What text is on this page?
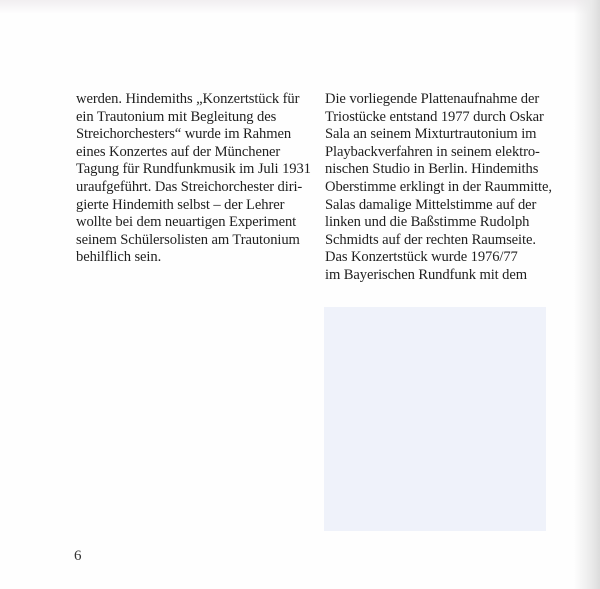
werden. Hindemiths „Konzertstück für
ein Trautonium mit Begleitung des
Streichorchesters“ wurde im Rahmen
eines Konzertes auf der Münchener
Tagung für Rundfunkmusik im Juli 1931
uraufgeführt. Das Streichorchester diri-
gierte Hindemith selbst – der Lehrer
wollte bei dem neuartigen Experiment
seinem Schülersolisten am Trautonium
behilflich sein.
Die vorliegende Plattenaufnahme der
Triostücke entstand 1977 durch Oskar
Sala an seinem Mixturtrautonium im
Playbackverfahren in seinem elektro-
nischen Studio in Berlin. Hindemiths
Oberstimme erklingt in der Raummitte,
Salas damalige Mittelstimme auf der
linken und die Baßstimme Rudolph
Schmidts auf der rechten Raumseite.
Das Konzertstück wurde 1976/77
im Bayerischen Rundfunk mit dem
6
